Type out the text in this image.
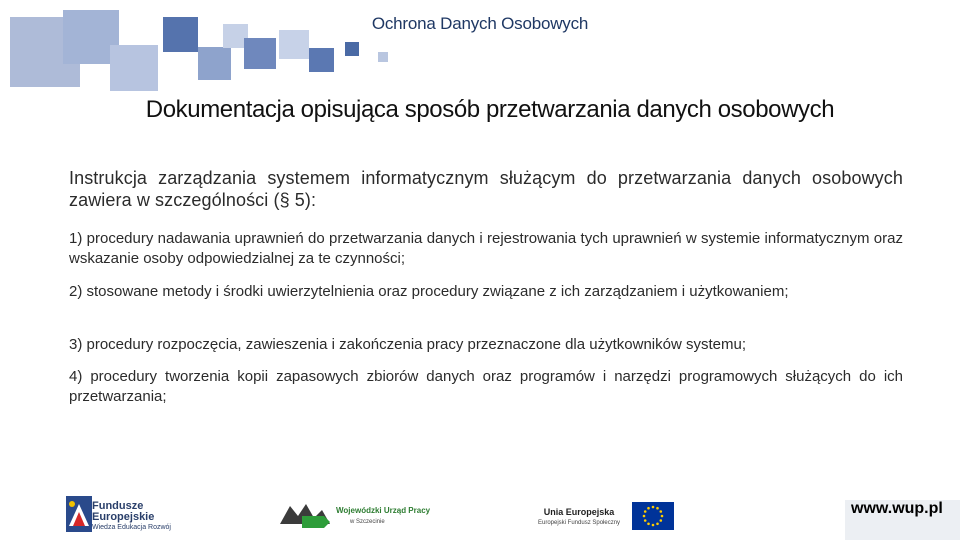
Ochrona Danych Osobowych
Dokumentacja opisująca sposób przetwarzania danych osobowych
Instrukcja zarządzania systemem informatycznym służącym do przetwarzania danych osobowych zawiera w szczególności (§ 5):
1) procedury nadawania uprawnień do przetwarzania danych i rejestrowania tych uprawnień w systemie informatycznym oraz wskazanie osoby odpowiedzialnej za te czynności;
2) stosowane metody i środki uwierzytelnienia oraz procedury związane z ich zarządzaniem i użytkowaniem;
3) procedury rozpoczęcia, zawieszenia i zakończenia pracy przeznaczone dla użytkowników systemu;
4) procedury tworzenia kopii zapasowych zbiorów danych oraz programów i narzędzi programowych służących do ich przetwarzania;
Fundusze
Europejskie
Wiedza Edukacja Rozwój
Wojewódzki Urząd Pracy
w Szczecinie
Unia Europejska
Europejski Fundusz Społeczny
www.wup.pl
